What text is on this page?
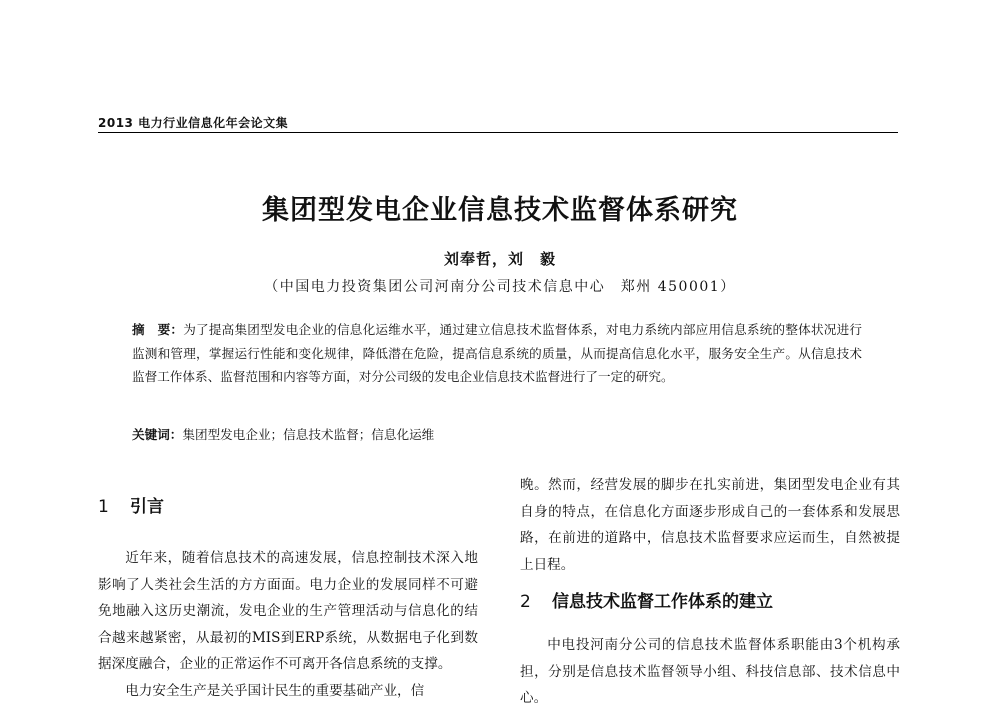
2013 电力行业信息化年会论文集
集团型发电企业信息技术监督体系研究
刘奉哲，刘　毅
（中国电力投资集团公司河南分公司技术信息中心　郑州 450001）
摘　要：为了提高集团型发电企业的信息化运维水平，通过建立信息技术监督体系，对电力系统内部应用信息系统的整体状况进行监测和管理，掌握运行性能和变化规律，降低潜在危险，提高信息系统的质量，从而提高信息化水平，服务安全生产。从信息技术监督工作体系、监督范围和内容等方面，对分公司级的发电企业信息技术监督进行了一定的研究。
关键词：集团型发电企业；信息技术监督；信息化运维
1 引言

近年来，随着信息技术的高速发展，信息控制技术深入地影响了人类社会生活的方方面面。电力企业的发展同样不可避免地融入这历史潮流，发电企业的生产管理活动与信息化的结合越来越紧密，从最初的MIS到ERP系统，从数据电子化到数据深度融合，企业的正常运作不可离开各信息系统的支撑。

电力安全生产是关乎国计民生的重要基础产业，信

晚。然而，经营发展的脚步在扎实前进，集团型发电企业有其自身的特点，在信息化方面逐步形成自己的一套体系和发展思路，在前进的道路中，信息技术监督要求应运而生，自然被提上日程。

2 信息技术监督工作体系的建立

中电投河南分公司的信息技术监督体系职能由3个机构承担，分别是信息技术监督领导小组、科技信息部、技术信息中心。
